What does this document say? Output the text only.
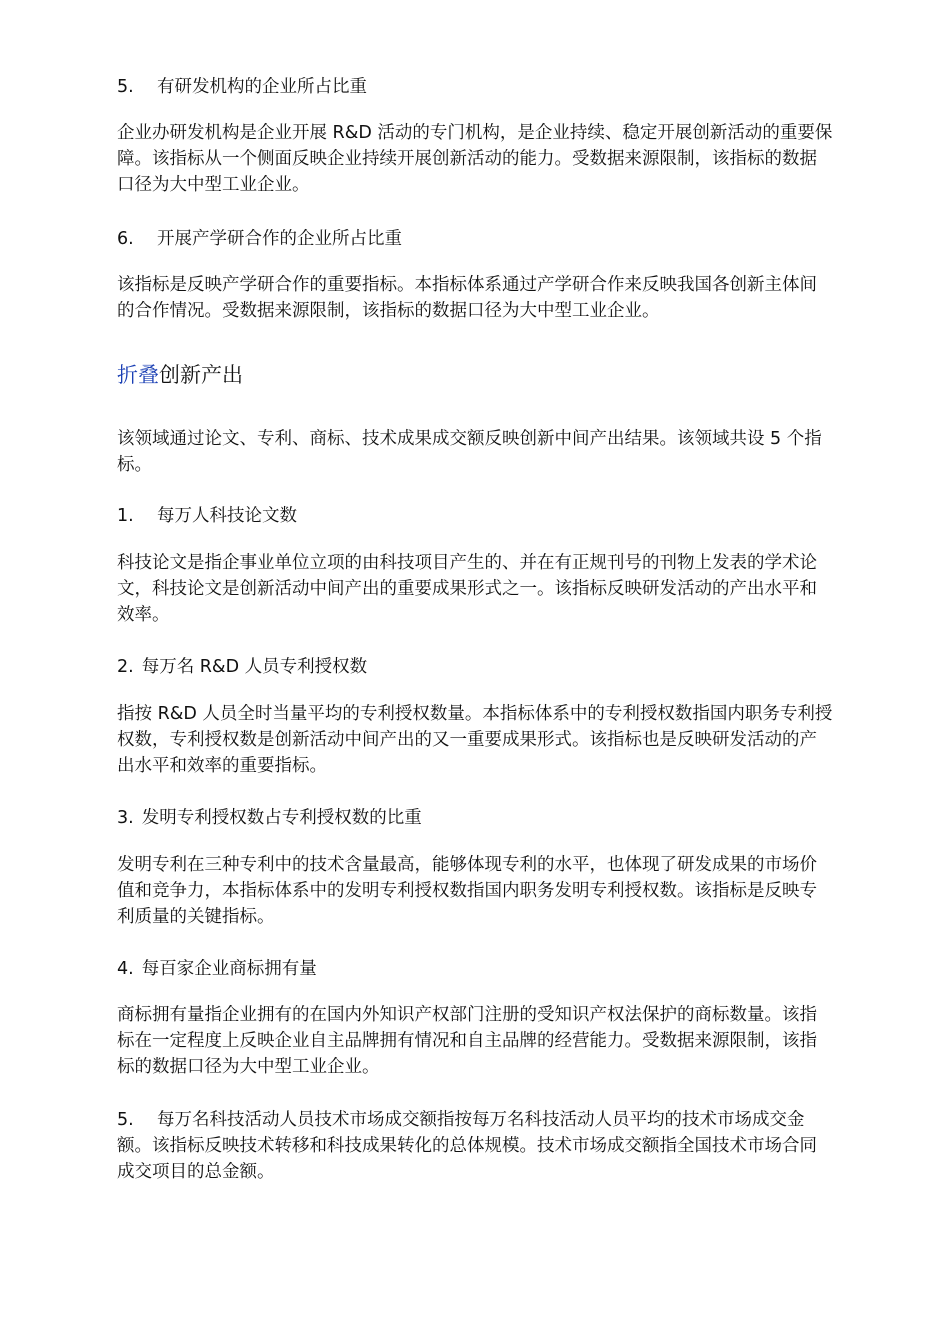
5. 有研发机构的企业所占比重
企业办研发机构是企业开展 R&D 活动的专门机构，是企业持续、稳定开展创新活动的重要保障。该指标从一个侧面反映企业持续开展创新活动的能力。受数据来源限制，该指标的数据口径为大中型工业企业。
6. 开展产学研合作的企业所占比重
该指标是反映产学研合作的重要指标。本指标体系通过产学研合作来反映我国各创新主体间的合作情况。受数据来源限制，该指标的数据口径为大中型工业企业。
折叠创新产出
该领域通过论文、专利、商标、技术成果成交额反映创新中间产出结果。该领域共设 5 个指标。
1. 每万人科技论文数
科技论文是指企事业单位立项的由科技项目产生的、并在有正规刊号的刊物上发表的学术论文，科技论文是创新活动中间产出的重要成果形式之一。该指标反映研发活动的产出水平和效率。
2. 每万名 R&D 人员专利授权数
指按 R&D 人员全时当量平均的专利授权数量。本指标体系中的专利授权数指国内职务专利授权数，专利授权数是创新活动中间产出的又一重要成果形式。该指标也是反映研发活动的产出水平和效率的重要指标。
3. 发明专利授权数占专利授权数的比重
发明专利在三种专利中的技术含量最高，能够体现专利的水平，也体现了研发成果的市场价值和竞争力，本指标体系中的发明专利授权数指国内职务发明专利授权数。该指标是反映专利质量的关键指标。
4. 每百家企业商标拥有量
商标拥有量指企业拥有的在国内外知识产权部门注册的受知识产权法保护的商标数量。该指标在一定程度上反映企业自主品牌拥有情况和自主品牌的经营能力。受数据来源限制，该指标的数据口径为大中型工业企业。
5. 每万名科技活动人员技术市场成交额指按每万名科技活动人员平均的技术市场成交金额。该指标反映技术转移和科技成果转化的总体规模。技术市场成交额指全国技术市场合同成交项目的总金额。
